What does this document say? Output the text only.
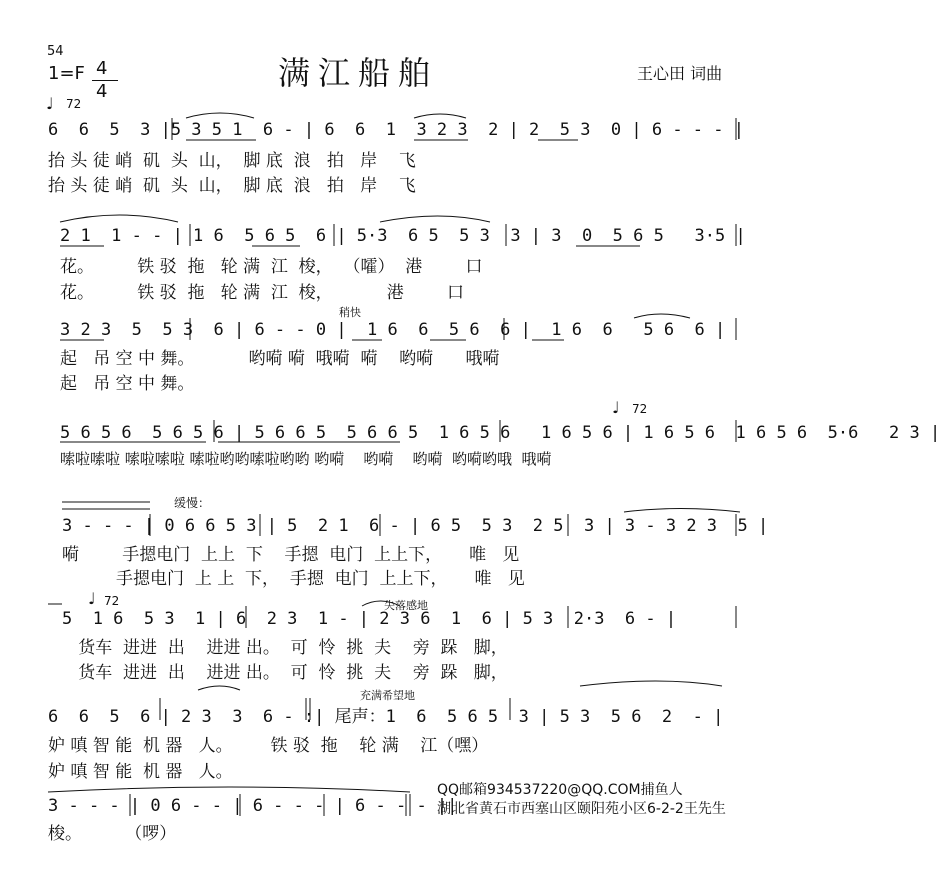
54
1=F 4
4
♩ 72
满江船舶	王心田 词曲
6  6  5  3 |5 3 5 1  6 - | 6  6  1  3 2 3  2 | 2  5 3  0 | 6 - - - |
抬 头 徒 峭  矶  头  山，  脚 底  浪   拍   岸    飞
抬 头 徒 峭  矶  头  山，  脚 底  浪   拍   岸    飞
2 1  1 - - | 1 6  5 6 5  6 | 5·3  6 5  5 3  3 | 3  0  5 6 5   3·5 |
花。        铁 驳  拖   轮 满  江  梭，  （嚯）  港        口
花。        铁 驳  拖   轮 满  江  梭，          港        口
稍快
3 2 3  5  5 3  6 | 6 - - 0 |  1 6  6  5 6  6 |  1 6  6   5 6  6 |
起   吊 空 中 舞。          哟嗬 嗬  哦嗬  嗬    哟嗬      哦嗬
起   吊 空 中 舞。
♩ 72
5 6 5 6  5 6 5 6 | 5 6 6 5  5 6 6 5  1 6 5 6   1 6 5 6 | 1 6 5 6  1 6 5 6  5·6   2 3 |
嗦啦嗦啦 嗦啦嗦啦 嗦啦哟哟嗦啦哟哟 哟嗬    哟嗬    哟嗬  哟嗬哟哦  哦嗬
缓慢：
3 - - - | 0 6 6 5 3 | 5  2 1  6 - | 6 5  5 3  2 5  3 | 3 - 3 2 3  5 |
嗬        手摁电门  上上  下    手摁  电门  上上下，     唯   见
手摁电门  上 上  下，  手摁  电门  上上下，     唯   见
♩ 72	失落感地
5  1 6  5 3  1 | 6  2 3  1 - | 2 3 6  1  6 | 5 3  2·3  6 - |
货车  进进  出    进进 出。  可  怜  挑  夫    旁  跺   脚，
货车  进进  出    进进 出。  可  怜  挑  夫    旁  跺   脚，
充满希望地
6  6  5  6 | 2 3  3  6 - :| 尾声：1  6  5 6 5  3 | 5 3  5 6  2  - |
妒 嗔 智 能  机 器   人。       铁 驳  拖    轮 满    江（嘿）
妒 嗔 智 能  机 器   人。
3 - - - | 0 6 - - | 6 - - - | 6 - - - ||
梭。        （啰）
QQ邮箱934537220@QQ.COM捕鱼人
湖北省黄石市西塞山区颐阳苑小区6-2-2王先生
